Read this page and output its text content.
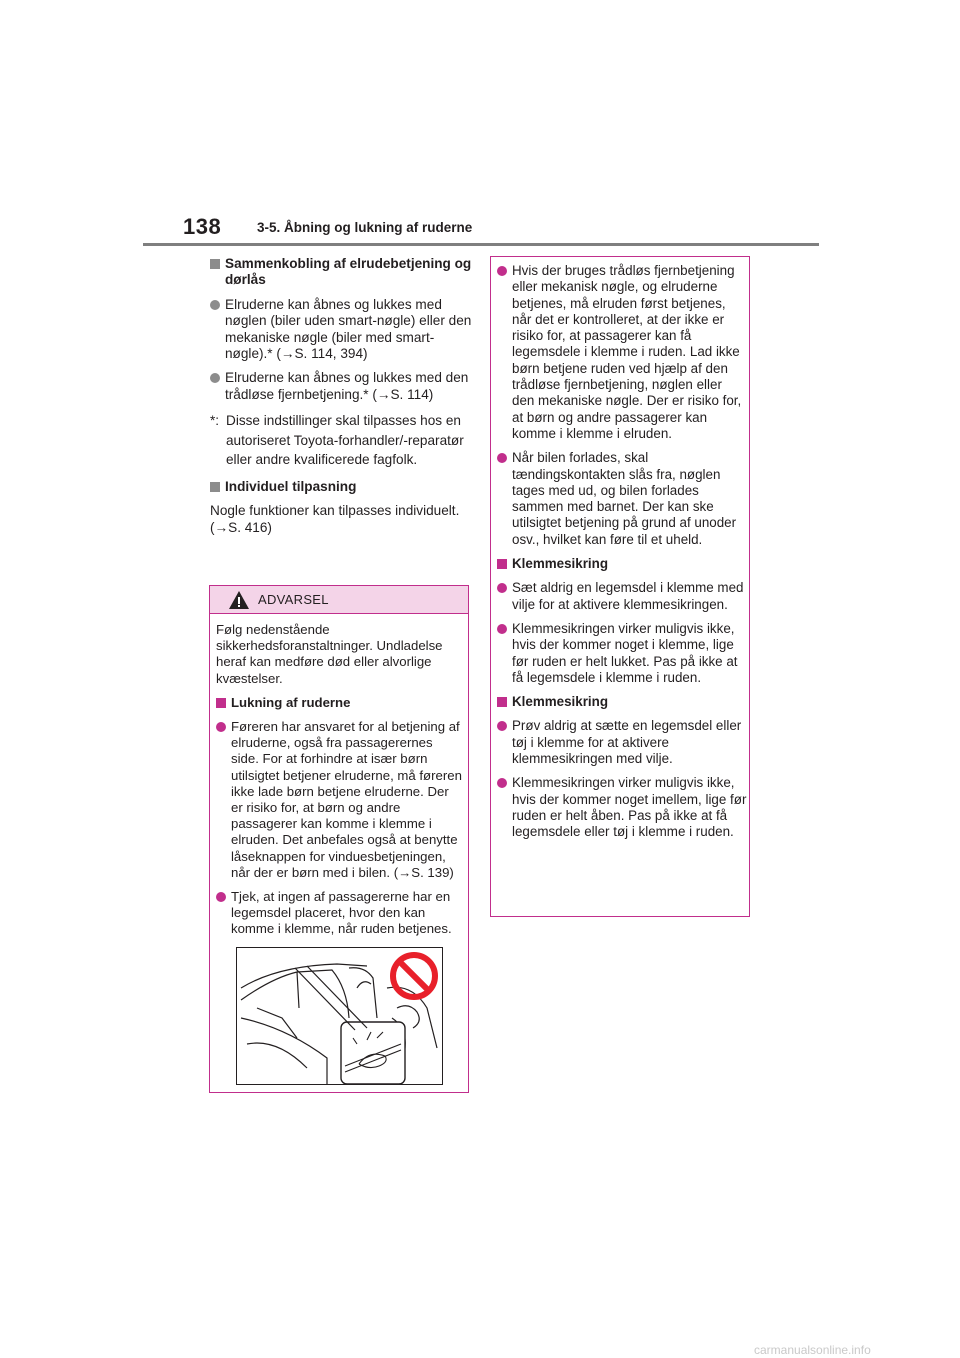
138	3-5. Åbning og lukning af ruderne
Sammenkobling af elrudebetjening og dørlås
Elruderne kan åbnes og lukkes med nøglen (biler uden smart-nøgle) eller den mekaniske nøgle (biler med smart-nøgle).* (→S. 114, 394)
Elruderne kan åbnes og lukkes med den trådløse fjernbetjening.* (→S. 114)
*: Disse indstillinger skal tilpasses hos en autoriseret Toyota-forhandler/-reparatør eller andre kvalificerede fagfolk.
Individuel tilpasning
Nogle funktioner kan tilpasses individuelt. (→S. 416)
ADVARSEL
Følg nedenstående sikkerhedsforanstaltninger. Undladelse heraf kan medføre død eller alvorlige kvæstelser.
Lukning af ruderne
Føreren har ansvaret for al betjening af elruderne, også fra passagerernes side. For at forhindre at især børn utilsigtet betjener elruderne, må føreren ikke lade børn betjene elruderne. Der er risiko for, at børn og andre passagerer kan komme i klemme i elruden. Det anbefales også at benytte låseknappen for vinduesbetjeningen, når der er børn med i bilen. (→S. 139)
Tjek, at ingen af passagererne har en legemsdel placeret, hvor den kan komme i klemme, når ruden betjenes.
Hvis der bruges trådløs fjernbetjening eller mekanisk nøgle, og elruderne betjenes, må elruden først betjenes, når det er kontrolleret, at der ikke er risiko for, at passagerer kan få legemsdele i klemme i ruden. Lad ikke børn betjene ruden ved hjælp af den trådløse fjernbetjening, nøglen eller den mekaniske nøgle. Der er risiko for, at børn og andre passagerer kan komme i klemme i elruden.
Når bilen forlades, skal tændingskontakten slås fra, nøglen tages med ud, og bilen forlades sammen med barnet. Der kan ske utilsigtet betjening på grund af unoder osv., hvilket kan føre til et uheld.
Klemmesikring
Sæt aldrig en legemsdel i klemme med vilje for at aktivere klemmesikringen.
Klemmesikringen virker muligvis ikke, hvis der kommer noget i klemme, lige før ruden er helt lukket. Pas på ikke at få legemsdele i klemme i ruden.
Klemmesikring
Prøv aldrig at sætte en legemsdel eller tøj i klemme for at aktivere klemmesikringen med vilje.
Klemmesikringen virker muligvis ikke, hvis der kommer noget imellem, lige før ruden er helt åben. Pas på ikke at få legemsdele eller tøj i klemme i ruden.
carmanualsonline.info
